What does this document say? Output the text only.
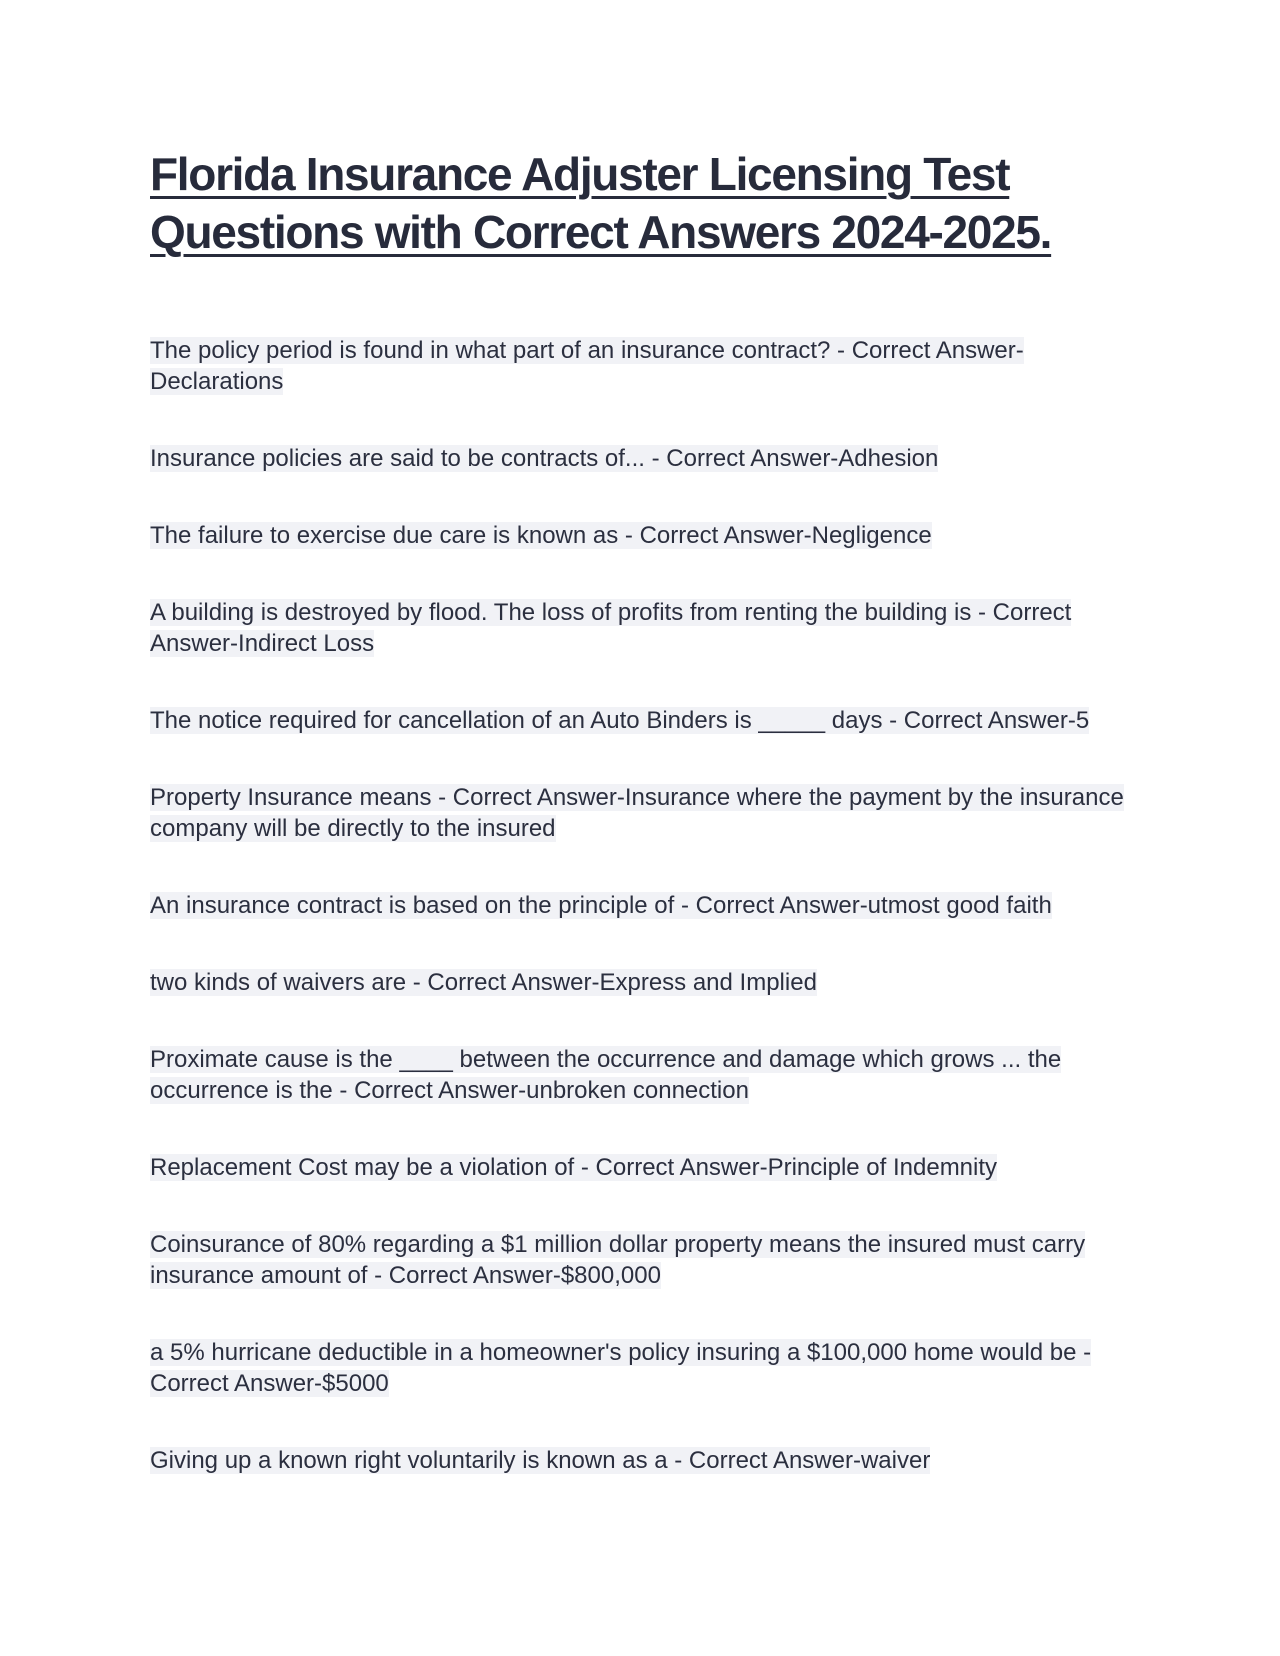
Florida Insurance Adjuster Licensing Test
Questions with Correct Answers 2024-2025.

The policy period is found in what part of an insurance contract? - Correct Answer-Declarations

Insurance policies are said to be contracts of... - Correct Answer-Adhesion

The failure to exercise due care is known as - Correct Answer-Negligence

A building is destroyed by flood. The loss of profits from renting the building is - Correct Answer-Indirect Loss

The notice required for cancellation of an Auto Binders is _____ days - Correct Answer-5

Property Insurance means - Correct Answer-Insurance where the payment by the insurance company will be directly to the insured

An insurance contract is based on the principle of - Correct Answer-utmost good faith

two kinds of waivers are - Correct Answer-Express and Implied

Proximate cause is the ____ between the occurrence and damage which grows ... the occurrence is the - Correct Answer-unbroken connection

Replacement Cost may be a violation of - Correct Answer-Principle of Indemnity

Coinsurance of 80% regarding a $1 million dollar property means the insured must carry insurance amount of - Correct Answer-$800,000

a 5% hurricane deductible in a homeowner's policy insuring a $100,000 home would be - Correct Answer-$5000

Giving up a known right voluntarily is known as a - Correct Answer-waiver
